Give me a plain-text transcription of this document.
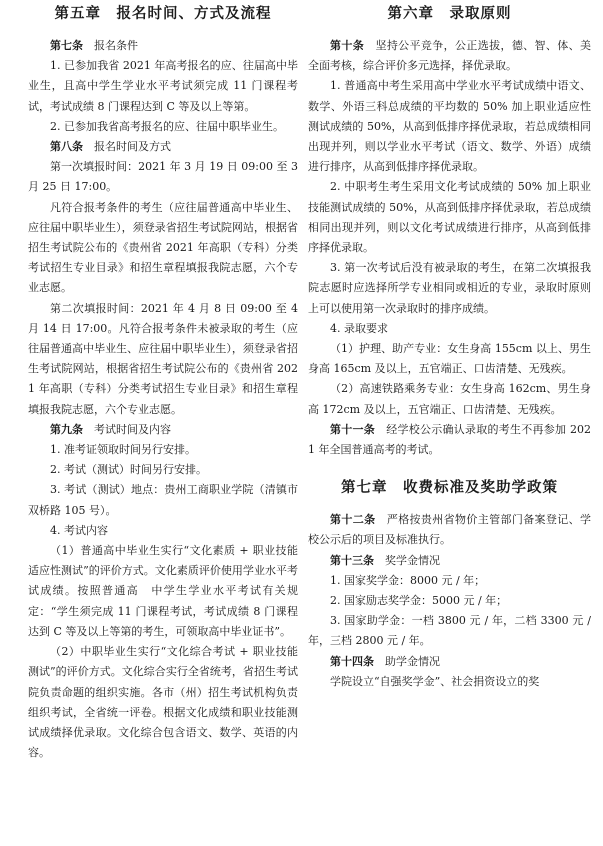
第五章　报名时间、方式及流程

第七条　报名条件

1. 已参加我省 2021 年高考报名的应、往届高中毕业生，且高中学生学业水平考试须完成 11 门课程考试，考试成绩 8 门课程达到 C 等及以上等第。

2. 已参加我省高考报名的应、往届中职毕业生。

第八条　报名时间及方式

第一次填报时间：2021 年 3 月 19 日 09:00 至 3 月 25 日 17:00。

凡符合报考条件的考生（应往届普通高中毕业生、应往届中职毕业生），须登录省招生考试院网站，根据省招生考试院公布的《贵州省 2021 年高职（专科）分类考试招生专业目录》和招生章程填报我院志愿，六个专业志愿。

第二次填报时间：2021 年 4 月 8 日 09:00 至 4 月 14 日 17:00。凡符合报考条件未被录取的考生（应往届普通高中毕业生、应往届中职毕业生），须登录省招生考试院网站，根据省招生考试院公布的《贵州省 2021 年高职（专科）分类考试招生专业目录》和招生章程填报我院志愿，六个专业志愿。

第九条　考试时间及内容

1. 准考证领取时间另行安排。

2. 考试（测试）时间另行安排。

3. 考试（测试）地点：贵州工商职业学院（清镇市双桥路 105 号）。

4. 考试内容

（1）普通高中毕业生实行“文化素质 + 职业技能适应性测试”的评价方式。文化素质评价使用学业水平考试成绩。按照普通高　中学生学业水平考试有关规定：“学生须完成 11 门课程考试，考试成绩 8 门课程达到 C 等及以上等第的考生，可领取高中毕业证书”。

（2）中职毕业生实行“文化综合考试 + 职业技能测试”的评价方式。文化综合实行全省统考，省招生考试院负责命题的组织实施。各市（州）招生考试机构负责组织考试，全省统一评卷。根据文化成绩和职业技能测试成绩择优录取。文化综合包含语文、数学、英语的内容。

第六章　录取原则

第十条　坚持公平竞争，公正选拔，德、智、体、美全面考核，综合评价多元选择，择优录取。

1. 普通高中考生采用高中学业水平考试成绩中语文、数学、外语三科总成绩的平均数的 50% 加上职业适应性测试成绩的 50%，从高到低排序择优录取，若总成绩相同出现并列，则以学业水平考试（语文、数学、外语）成绩进行排序，从高到低排序择优录取。

2. 中职考生考生采用文化考试成绩的 50% 加上职业技能测试成绩的 50%，从高到低排序择优录取，若总成绩相同出现并列，则以文化考试成绩进行排序，从高到低排序择优录取。

3. 第一次考试后没有被录取的考生，在第二次填报我院志愿时应选择所学专业相同或相近的专业，录取时原则上可以使用第一次录取时的排序成绩。

4. 录取要求

（1）护理、助产专业：女生身高 155cm 以上、男生身高 165cm 及以上，五官端正、口齿清楚、无残疾。

（2）高速铁路乘务专业：女生身高 162cm、男生身高 172cm 及以上，五官端正、口齿清楚、无残疾。

第十一条　经学校公示确认录取的考生不再参加 2021 年全国普通高考的考试。

第七章　收费标准及奖助学政策

第十二条　严格按贵州省物价主管部门备案登记、学校公示后的项目及标准执行。

第十三条　奖学金情况

1. 国家奖学金：8000 元 / 年；

2. 国家励志奖学金：5000 元 / 年；

3. 国家助学金：一档 3800 元 / 年，二档 3300 元 / 年，三档 2800 元 / 年。

第十四条　助学金情况

学院设立“自强奖学金”、社会捐资设立的奖
